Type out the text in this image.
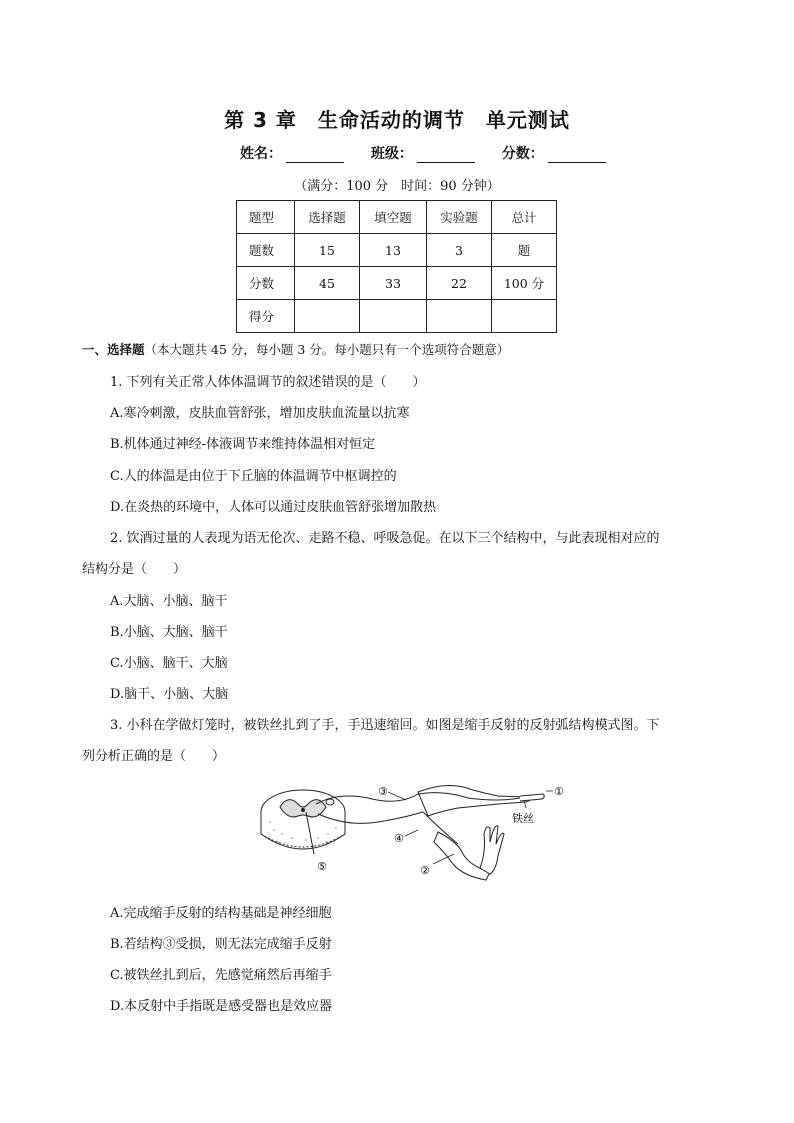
第 3 章　生命活动的调节　单元测试
姓名：	班级：	分数：
（满分：100 分　时间：90 分钟）
题型	选择题	填空题	实验题	总计
题数	15	13	3	题
分数	45	33	22	100 分
得分				
一、选择题（本大题共 45 分，每小题 3 分。每小题只有一个选项符合题意）
1. 下列有关正常人体体温调节的叙述错误的是（　　）
A.寒冷刺激，皮肤血管舒张，增加皮肤血流量以抗寒
B.机体通过神经-体液调节来维持体温相对恒定
C.人的体温是由位于下丘脑的体温调节中枢调控的
D.在炎热的环境中，人体可以通过皮肤血管舒张增加散热
2. 饮酒过量的人表现为语无伦次、走路不稳、呼吸急促。在以下三个结构中，与此表现相对应的
结构分是（　　）
A.大脑、小脑、脑干
B.小脑、大脑、脑干
C.小脑、脑干、大脑
D.脑干、小脑、大脑
3. 小科在学做灯笼时，被铁丝扎到了手，手迅速缩回。如图是缩手反射的反射弧结构模式图。下
列分析正确的是（　　）
③	①
④
②
⑤
铁丝
A.完成缩手反射的结构基础是神经细胞
B.若结构③受损，则无法完成缩手反射
C.被铁丝扎到后，先感觉痛然后再缩手
D.本反射中手指既是感受器也是效应器
